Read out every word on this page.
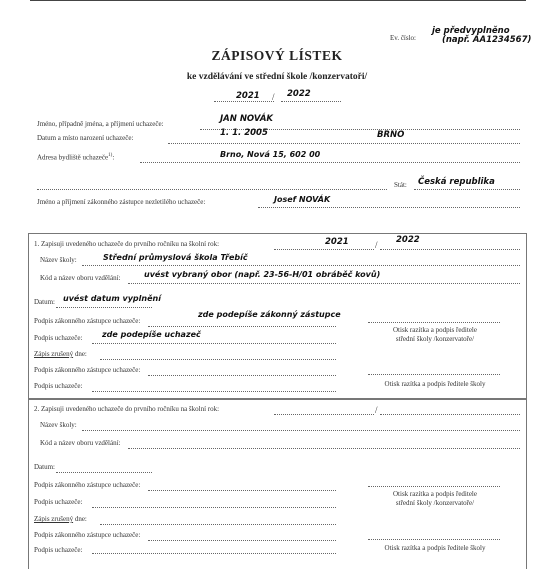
Ev. číslo:
je předvyplněno
(např. AA1234567)
ZÁPISOVÝ LÍSTEK
ke vzdělávání ve střední škole /konzervatoři/
2021 / 2022
Jméno, případně jména, a příjmení uchazeče:	JAN NOVÁK
Datum a místo narození uchazeče:	1. 1. 2005	BRNO
Adresa bydliště uchazeče$^{1)}$:	Brno, Nová 15, 602 00
Stát: Česká republika
Jméno a příjmení zákonného zástupce nezletilého uchazeče:	Josef NOVÁK
1. Zapisuji uvedeného uchazeče do prvního ročníku na školní rok:	2021	/ 2022
Název školy:	Střední průmyslová škola Třebíč
Kód a název oboru vzdělání:	uvést vybraný obor (např. 23-56-H/01 obráběč kovů)
Datum: uvést datum vyplnění
Podpis zákonného zástupce uchazeče:
zde podepíše zákonný zástupce
Podpis uchazeče: zde podepíše uchazeč	Otisk razítka a podpis ředitele
střední školy /konzervatoře/
Zápis zrušený dne:
Podpis zákonného zástupce uchazeče:
Podpis uchazeče:	Otisk razítka a podpis ředitele školy
2. Zapisuji uvedeného uchazeče do prvního ročníku na školní rok:	/
Název školy:
Kód a název oboru vzdělání:
Datum:
Podpis zákonného zástupce uchazeče:
Podpis uchazeče:
Otisk razítka a podpis ředitele
střední školy /konzervatoře/
Zápis zrušený dne:
Podpis zákonného zástupce uchazeče:
Podpis uchazeče:	Otisk razítka a podpis ředitele školy
